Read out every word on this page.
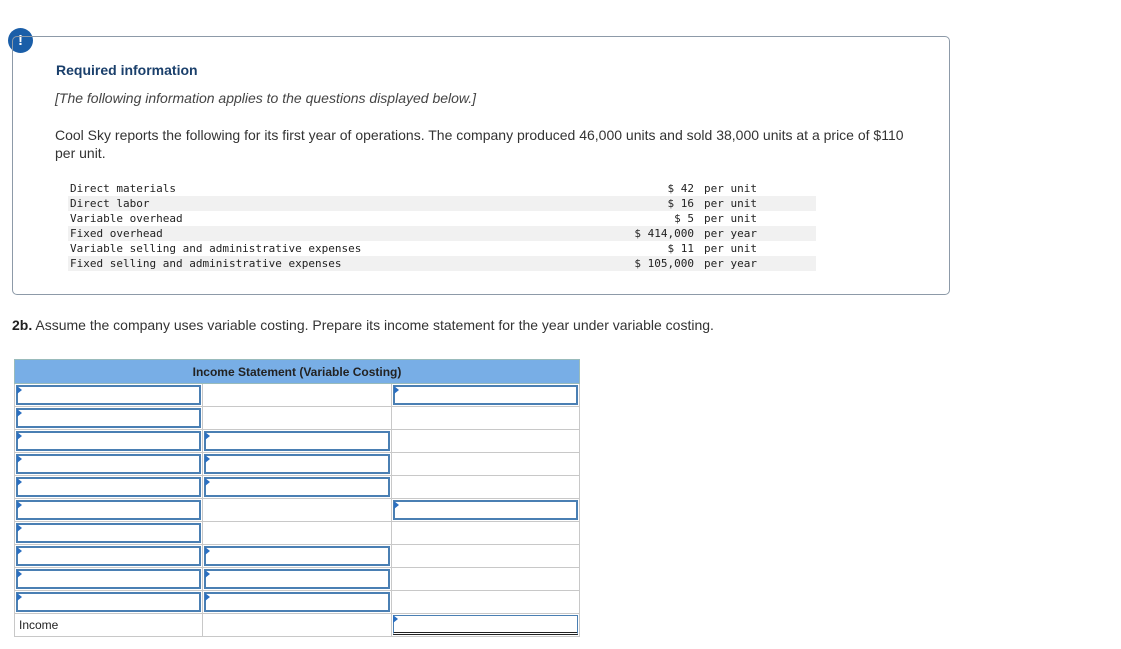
!
Required information
[The following information applies to the questions displayed below.]
Cool Sky reports the following for its first year of operations. The company produced 46,000 units and sold 38,000 units at a price of $110 per unit.
Direct materials	$ 42	per unit
Direct labor	$ 16	per unit
Variable overhead	$ 5	per unit
Fixed overhead	$ 414,000	per year
Variable selling and administrative expenses	$ 11	per unit
Fixed selling and administrative expenses	$ 105,000	per year
2b. Assume the company uses variable costing. Prepare its income statement for the year under variable costing.
Income Statement (Variable Costing)		

Income		
